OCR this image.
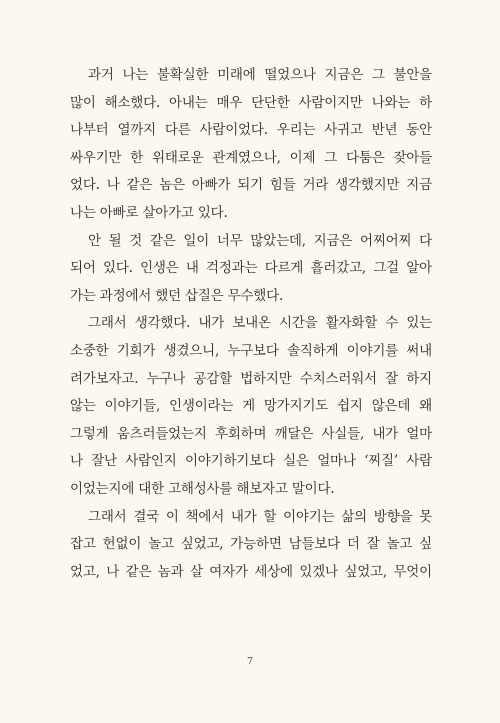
과거 나는 불확실한 미래에 떨었으나 지금은 그 불안을
많이 해소했다. 아내는 매우 단단한 사람이지만 나와는 하
나부터 열까지 다른 사람이었다. 우리는 사귀고 반년 동안
싸우기만 한 위태로운 관계였으나, 이제 그 다툼은 잦아들
었다. 나 같은 놈은 아빠가 되기 힘들 거라 생각했지만 지금
나는 아빠로 살아가고 있다.
안 될 것 같은 일이 너무 많았는데, 지금은 어찌어찌 다
되어 있다. 인생은 내 걱정과는 다르게 흘러갔고, 그걸 알아
가는 과정에서 했던 삽질은 무수했다.
그래서 생각했다. 내가 보내온 시간을 활자화할 수 있는
소중한 기회가 생겼으니, 누구보다 솔직하게 이야기를 써내
려가보자고. 누구나 공감할 법하지만 수치스러워서 잘 하지
않는 이야기들, 인생이라는 게 망가지기도 쉽지 않은데 왜
그렇게 움츠러들었는지 후회하며 깨달은 사실들, 내가 얼마
나 잘난 사람인지 이야기하기보다 실은 얼마나 ‘찌질’ 사람
이었는지에 대한 고해성사를 해보자고 말이다.
그래서 결국 이 책에서 내가 할 이야기는 삶의 방향을 못
잡고 헌없이 놀고 싶었고, 가능하면 남들보다 더 잘 놀고 싶
었고, 나 같은 놈과 살 여자가 세상에 있겠나 싶었고, 무엇이
7
